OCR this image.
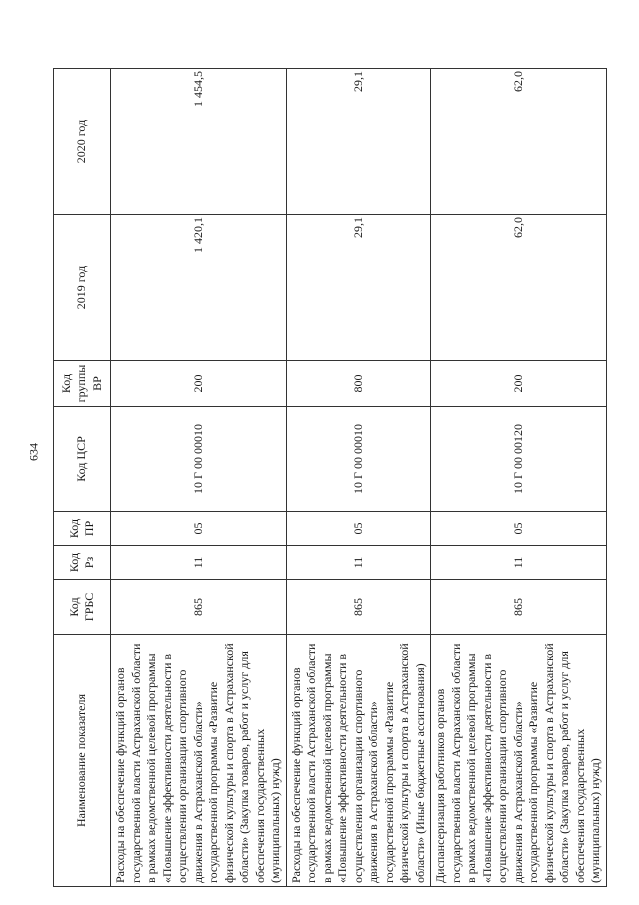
634
Наименование показателя	Код ГРБС	Код Рз	Код ПР	Код ЦСР	Код группы ВР	2019 год	2020 год
Расходы на обеспечение функций органов государственной власти Астраханской области в рамках ведомственной целевой программы «Повышение эффективности деятельности в осуществлении организации спортивного движения в Астраханской области» государственной программы «Развитие физической культуры и спорта в Астраханской области» (Закупка товаров, работ и услуг для обеспечения государственных (муниципальных) нужд)	865	11	05	10 Г 00 00010	200	1 420,1	1 454,5
Расходы на обеспечение функций органов государственной власти Астраханской области в рамках ведомственной целевой программы «Повышение эффективности деятельности в осуществлении организации спортивного движения в Астраханской области» государственной программы «Развитие физической культуры и спорта в Астраханской области» (Иные бюджетные ассигнования)	865	11	05	10 Г 00 00010	800	29,1	29,1
Диспансеризация работников органов государственной власти Астраханской области в рамках ведомственной целевой программы «Повышение эффективности деятельности в осуществлении организации спортивного движения в Астраханской области» государственной программы «Развитие физической культуры и спорта в Астраханской области» (Закупка товаров, работ и услуг для обеспечения государственных (муниципальных) нужд)	865	11	05	10 Г 00 00120	200	62,0	62,0
